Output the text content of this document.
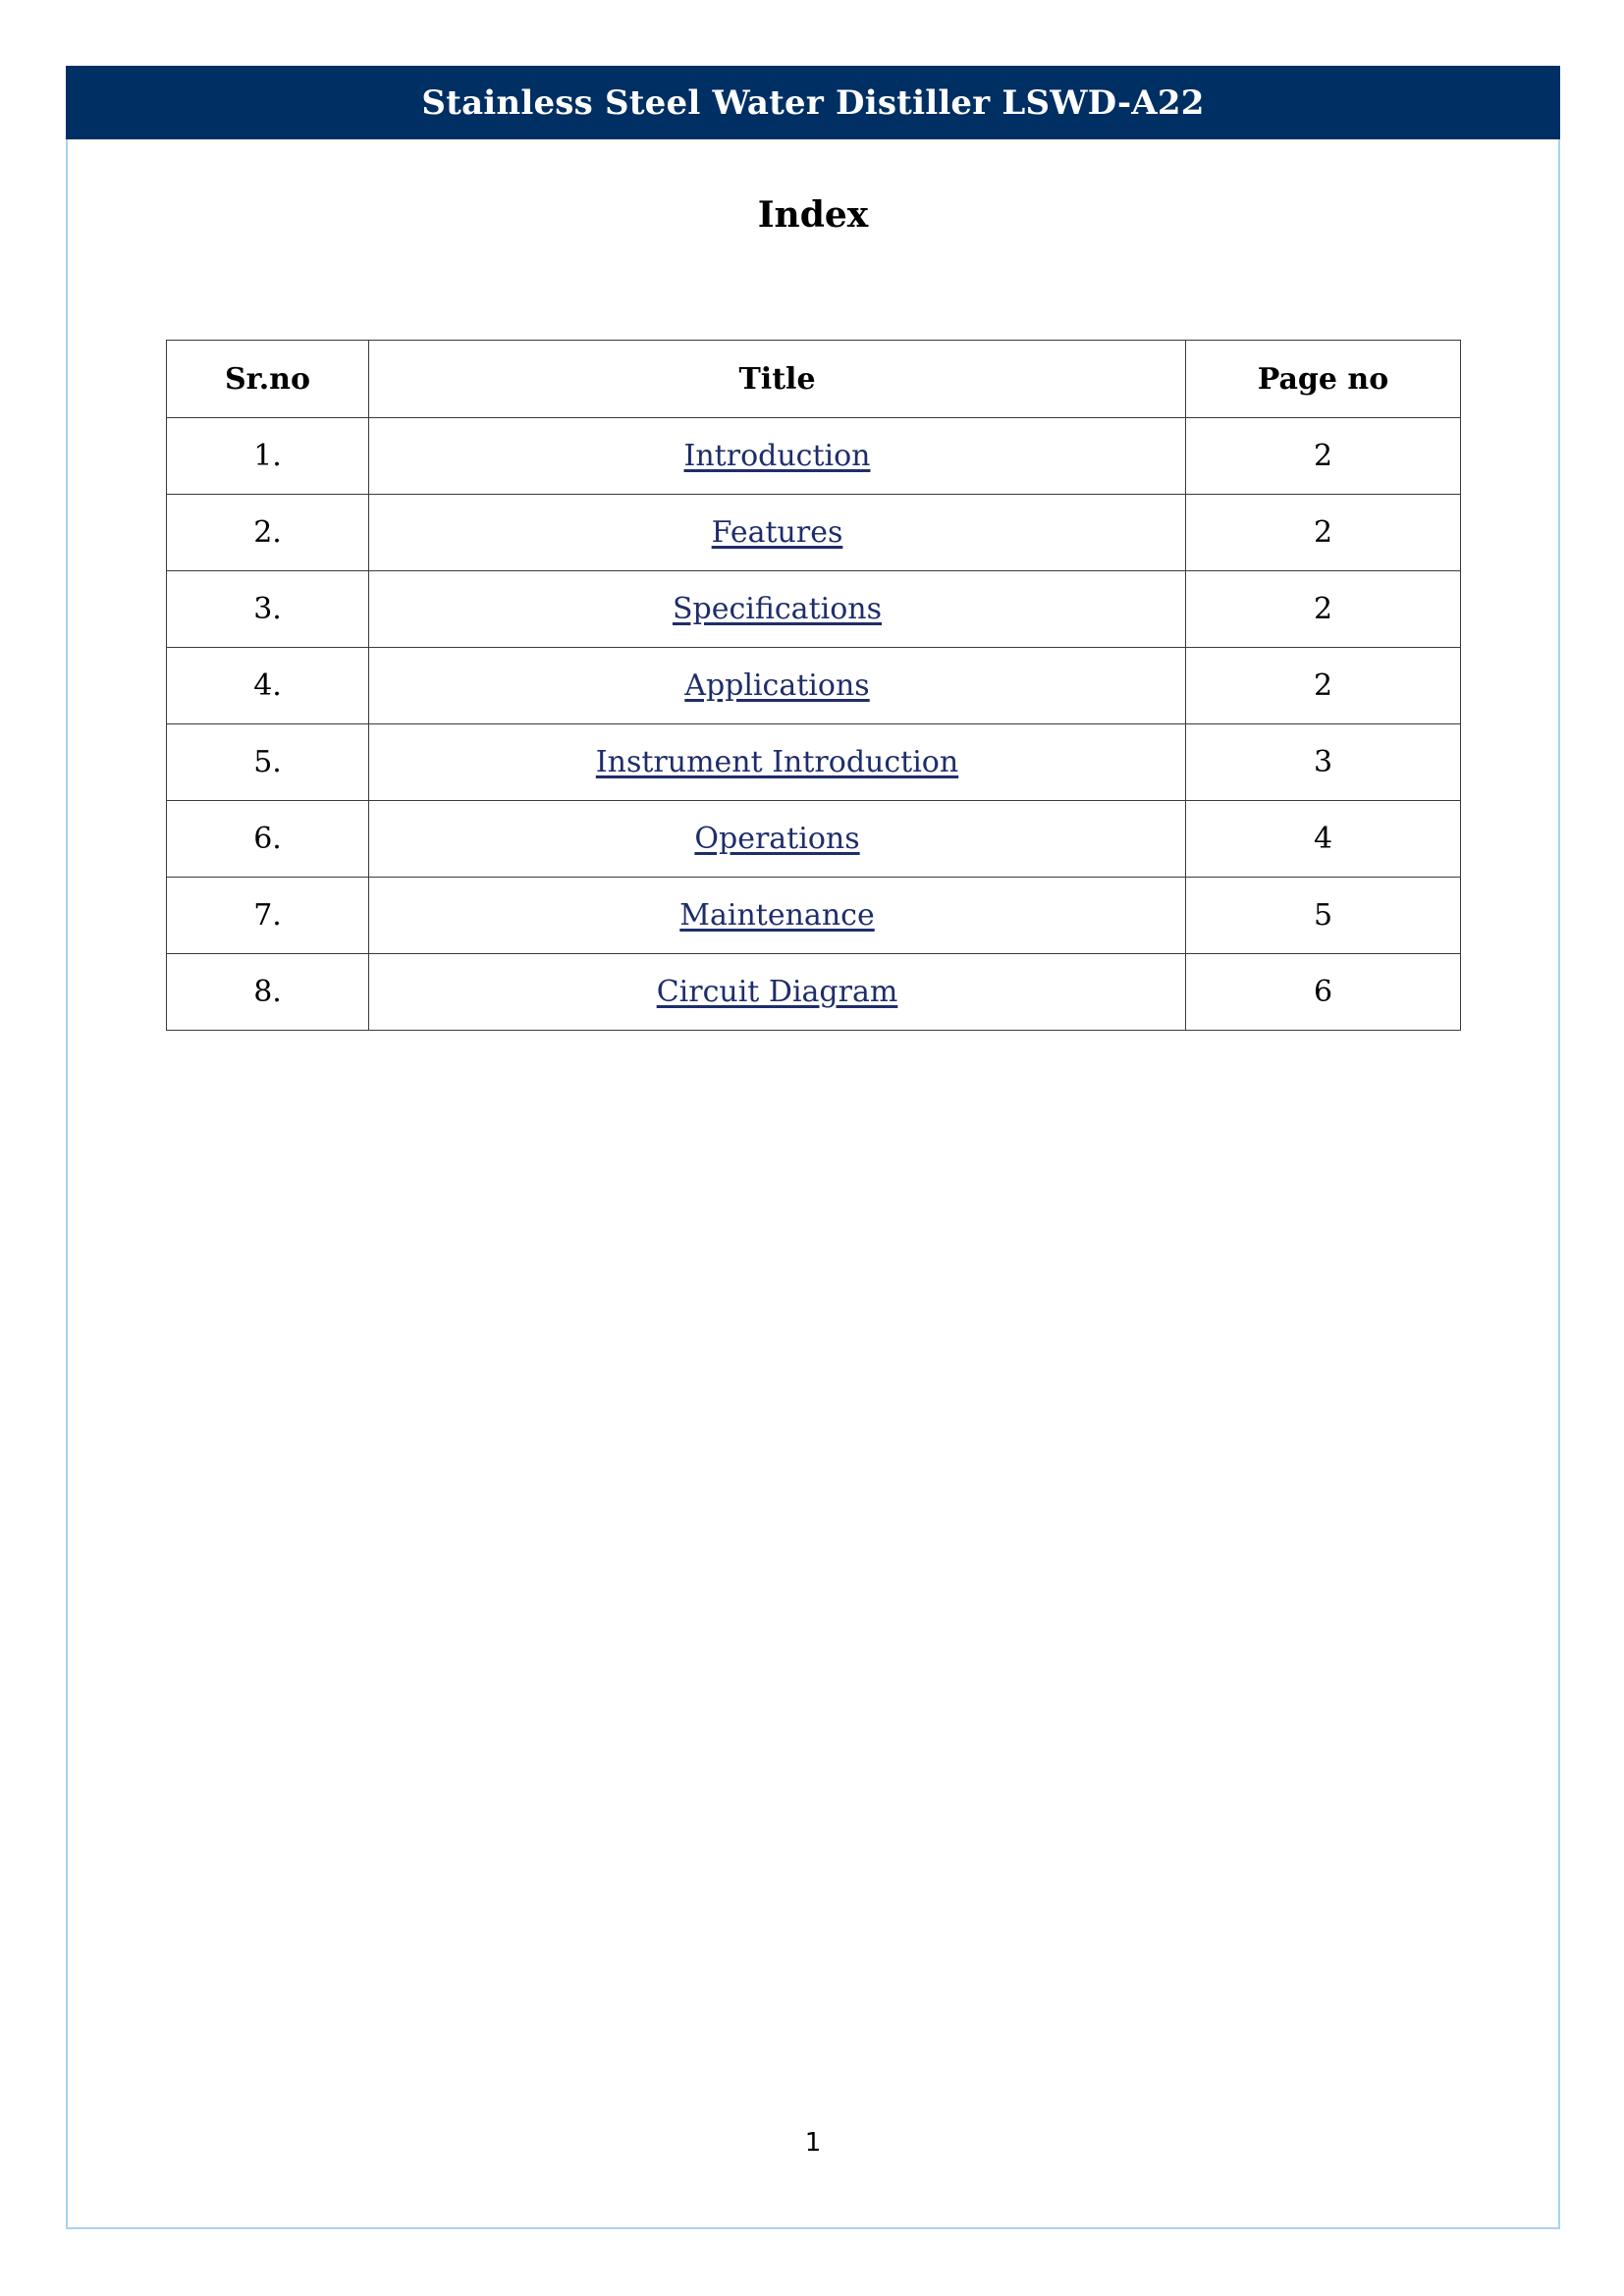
Stainless Steel Water Distiller LSWD-A22
Index
Sr.no	Title	Page no
1.	Introduction	2
2.	Features	2
3.	Specifications	2
4.	Applications	2
5.	Instrument Introduction	3
6.	Operations	4
7.	Maintenance	5
8.	Circuit Diagram	6
1
